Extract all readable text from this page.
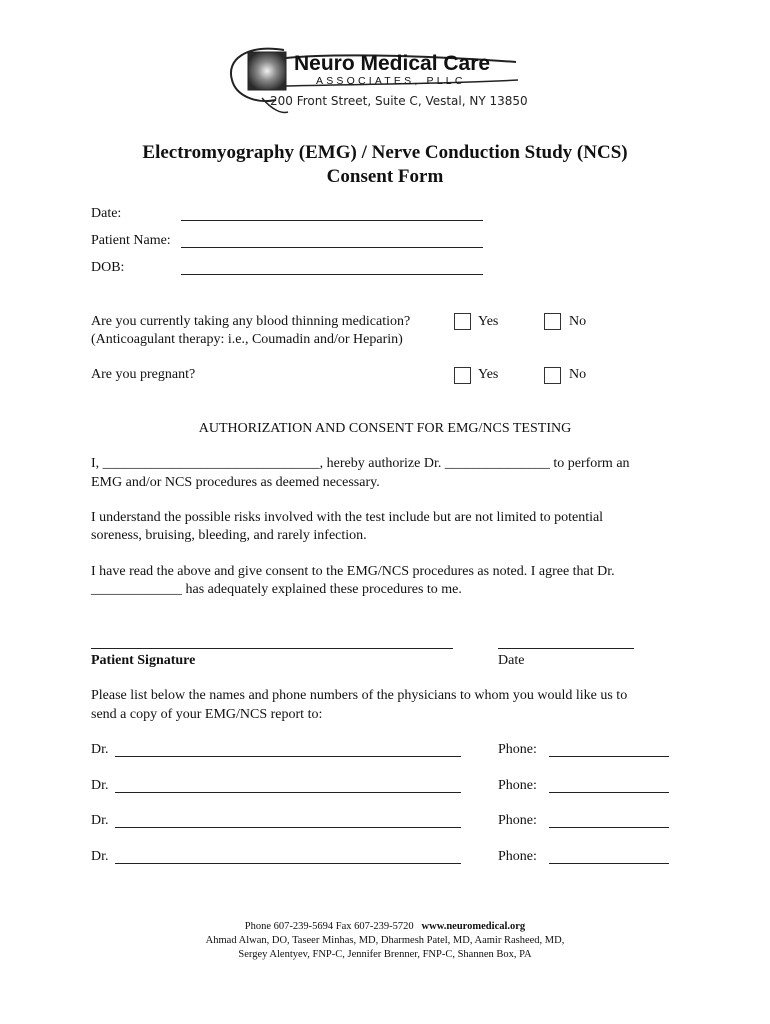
Neuro Medical Care
ASSOCIATES, PLLC
200 Front Street, Suite C, Vestal, NY 13850
Electromyography (EMG) / Nerve Conduction Study (NCS)
Consent Form
Date:
Patient Name:
DOB:
Are you currently taking any blood thinning medication?
(Anticoagulant therapy: i.e., Coumadin and/or Heparin)
Yes	No
Are you pregnant?	Yes	No
AUTHORIZATION AND CONSENT FOR EMG/NCS TESTING
I, _______________________________, hereby authorize Dr. _______________ to perform an
EMG and/or NCS procedures as deemed necessary.
I understand the possible risks involved with the test include but are not limited to potential
soreness, bruising, bleeding, and rarely infection.
I have read the above and give consent to the EMG/NCS procedures as noted. I agree that Dr.
_____________ has adequately explained these procedures to me.
Patient Signature	Date
Please list below the names and phone numbers of the physicians to whom you would like us to
send a copy of your EMG/NCS report to:
Dr.	Phone:
Dr.	Phone:
Dr.	Phone:
Dr.	Phone:
Phone 607-239-5694 Fax 607-239-5720 www.neuromedical.org
Ahmad Alwan, DO, Taseer Minhas, MD, Dharmesh Patel, MD, Aamir Rasheed, MD,
Sergey Alentyev, FNP-C, Jennifer Brenner, FNP-C, Shannen Box, PA
